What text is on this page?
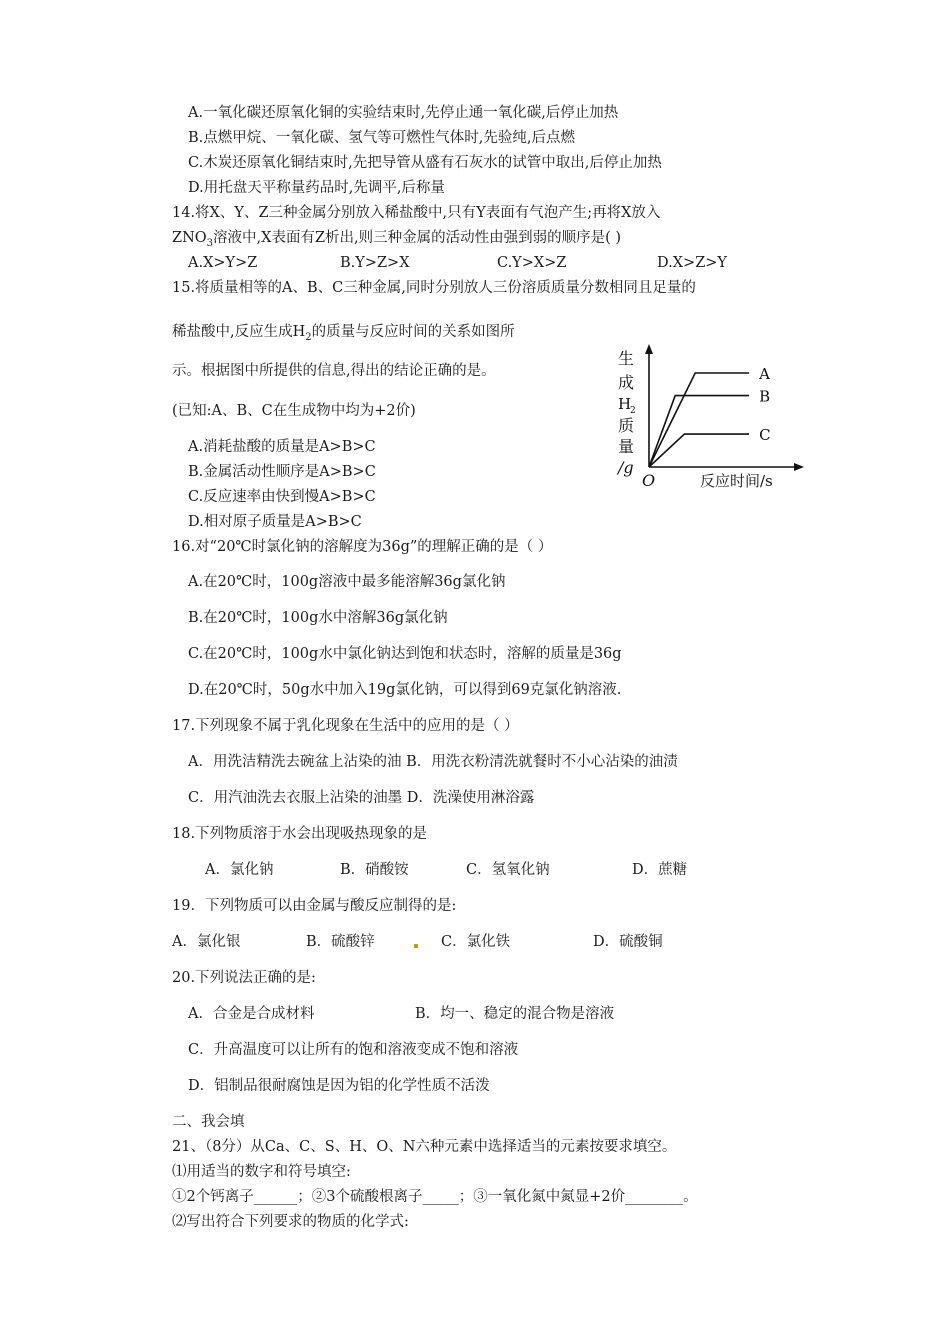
A.一氧化碳还原氧化铜的实验结束时,先停止通一氧化碳,后停止加热
B.点燃甲烷、一氧化碳、氢气等可燃性气体时,先验纯,后点燃
C.木炭还原氧化铜结束时,先把导管从盛有石灰水的试管中取出,后停止加热
D.用托盘天平称量药品时,先调平,后称量
14.将X、Y、Z三种金属分别放入稀盐酸中,只有Y表面有气泡产生;再将X放入
$ZNO_3$溶液中,X表面有Z析出,则三种金属的活动性由强到弱的顺序是( )
A.X>Y>Z	B.Y>Z>X	C.Y>X>Z	D.X>Z>Y
15.将质量相等的A、B、C三种金属,同时分别放人三份溶质质量分数相同且足量的
稀盐酸中,反应生成$H_2$的质量与反应时间的关系如图所
示。根据图中所提供的信息,得出的结论正确的是。
(已知:A、B、C在生成物中均为+2价)
A.消耗盐酸的质量是A>B>C
B.金属活动性顺序是A>B>C
C.反应速率由快到慢A>B>C
D.相对原子质量是A>B>C
生
成
H
2
质
量
/g
O	反应时间/s
A
B
C
16.对“20℃时氯化钠的溶解度为36g”的理解正确的是（ ）
A.在20℃时，100g溶液中最多能溶解36g氯化钠
B.在20℃时，100g水中溶解36g氯化钠
C.在20℃时，100g水中氯化钠达到饱和状态时，溶解的质量是36g
D.在20℃时，50g水中加入19g氯化钠，可以得到69克氯化钠溶液.
17.下列现象不属于乳化现象在生活中的应用的是（ ）
A．用洗洁精洗去碗盆上沾染的油 B．用洗衣粉清洗就餐时不小心沾染的油渍
C．用汽油洗去衣服上沾染的油墨 D．洗澡使用淋浴露
18.下列物质溶于水会出现吸热现象的是
A．氯化钠	B．硝酸铵	C．氢氧化钠	D．蔗糖
19．下列物质可以由金属与酸反应制得的是:
A．氯化银	B．硫酸锌	C．氯化铁	D．硫酸铜
20.下列说法正确的是:
A．合金是合成材料	B．均一、稳定的混合物是溶液
C．升高温度可以让所有的饱和溶液变成不饱和溶液
D．铝制品很耐腐蚀是因为铝的化学性质不活泼
二、我会填
21、（8分）从Ca、C、S、H、O、N六种元素中选择适当的元素按要求填空。
⑴用适当的数字和符号填空:
①2个钙离子______；②3个硫酸根离子_____；③一氧化氮中氮显+2价________。
⑵写出符合下列要求的物质的化学式:
